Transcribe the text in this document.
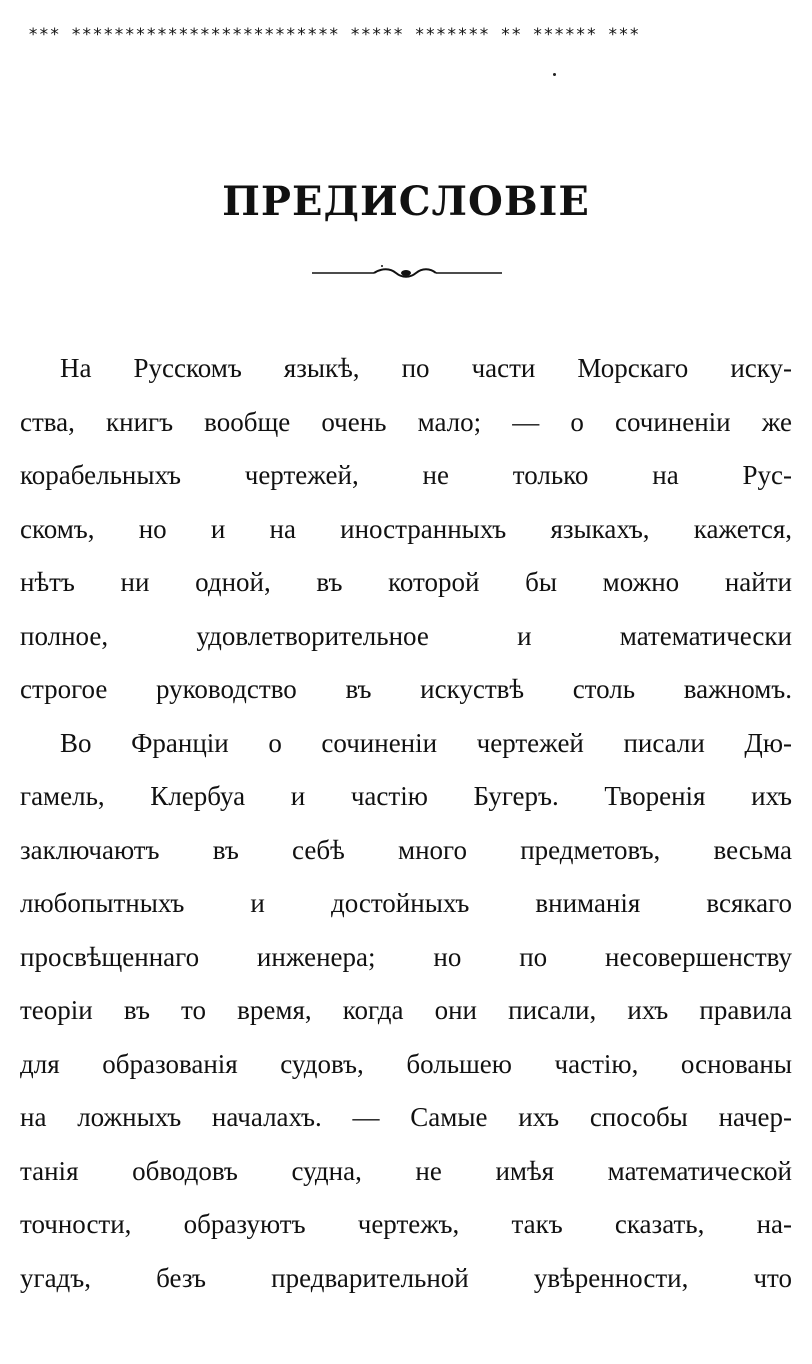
*** ************************* ***** ******* ** ****** ***
ПРЕДИСЛОВІЕ
На Русскомъ языкѣ, по части Морскаго иску-
ства, книгъ вообще очень мало; — о сочиненіи же
корабельныхъ чертежей, не только на Рус-
скомъ, но и на иностранныхъ языкахъ, кажется,
нѣтъ ни одной, въ которой бы можно найти
полное, удовлетворительное и математически
строгое руководство въ искуствѣ столь важномъ.
Во Франціи о сочиненіи чертежей писали Дю-
гамель, Клербуа и частію Бугеръ. Творенія ихъ
заключаютъ въ себѣ много предметовъ, весьма
любопытныхъ и достойныхъ вниманія всякаго
просвѣщеннаго инженера; но по несовершенству
теоріи въ то время, когда они писали, ихъ правила
для образованія судовъ, большею частію, основаны
на ложныхъ началахъ. — Самые ихъ способы начер-
танія обводовъ судна, не имѣя математической
точности, образуютъ чертежъ, такъ сказать, на-
угадъ, безъ предварительной увѣренности, что
